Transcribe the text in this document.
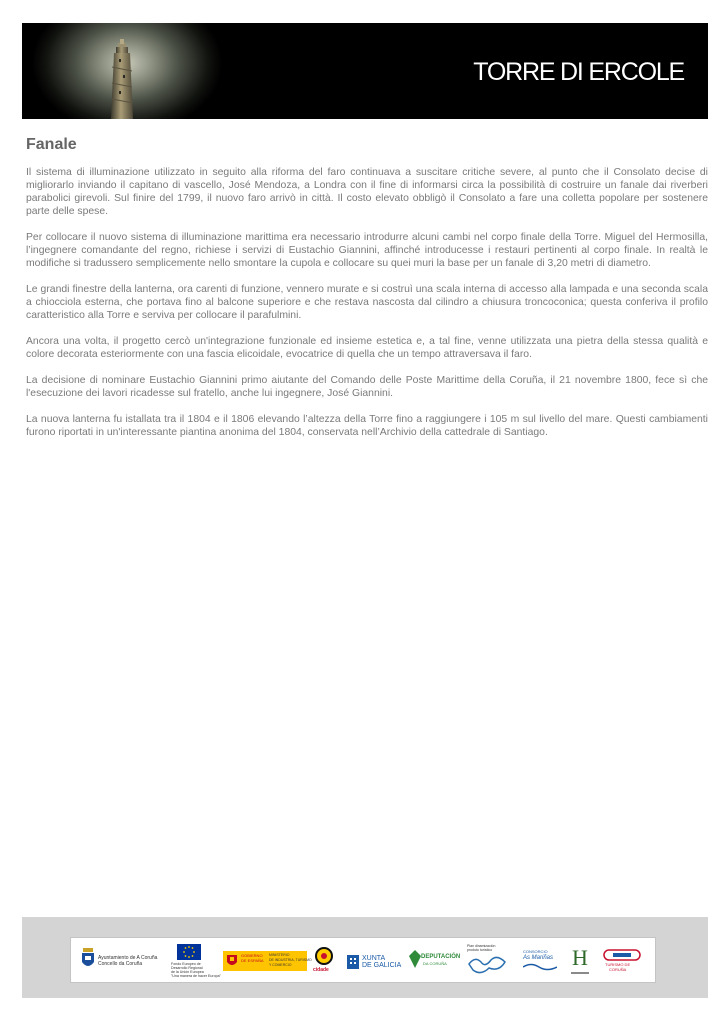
TORRE DI ERCOLE
Fanale

Il sistema di illuminazione utilizzato in seguito alla riforma del faro continuava a suscitare critiche severe, al punto che il Consolato decise di migliorarlo inviando il capitano di vascello, José Mendoza, a Londra con il fine di informarsi circa la possibilità di costruire un fanale dai riverberi parabolici girevoli. Sul finire del 1799, il nuovo faro arrivò in città. Il costo elevato obbligò il Consolato a fare una colletta popolare per sostenere parte delle spese.

Per collocare il nuovo sistema di illuminazione marittima era necessario introdurre alcuni cambi nel corpo finale della Torre. Miguel del Hermosilla, l’ingegnere comandante del regno, richiese i servizi di Eustachio Giannini, affinché introducesse i restauri pertinenti al corpo finale. In realtà le modifiche si tradussero semplicemente nello smontare la cupola e collocare su quei muri la base per un fanale di 3,20 metri di diametro.

Le grandi finestre della lanterna, ora carenti di funzione, vennero murate e si costruì una scala interna di accesso alla lampada e una seconda scala a chiocciola esterna, che portava fino al balcone superiore e che restava nascosta dal cilindro a chiusura troncoconica; questa conferiva il profilo caratteristico alla Torre e serviva per collocare il parafulmini.

Ancora una volta, il progetto cercò un'integrazione funzionale ed insieme estetica e, a tal fine, venne utilizzata una pietra della stessa qualità e colore decorata esteriormente con una fascia elicoidale, evocatrice di quella che un tempo attraversava il faro.

La decisione di nominare Eustachio Giannini primo aiutante del Comando delle Poste Marittime della Coruña, il 21 novembre 1800, fece sì che l'esecuzione dei lavori ricadesse sul fratello, anche lui ingegnere, José Giannini.

La nuova lanterna fu istallata tra il 1804 e il 1806 elevando l’altezza della Torre fino a raggiungere i 105 m sul livello del mare. Questi cambiamenti furono riportati in un'interessante piantina anonima del 1804, conservata nell’Archivio della cattedrale di Santiago.

Ayuntamiento de A Coruña
Concello da Coruña	Fondo Europeo de
Desarrollo Regional
de la Unión Europea
"Una manera de hacer Europa"
GOBIERNO
DE ESPAÑA
MINISTERIO
DE INDUSTRIA, TURISMO
Y COMERCIO
cidade
XUNTA
DE GALICIA
DEPUTACIÓN
DA CORUÑA
Plan dinamización
produto turístico	CONSORCIO
As Mariñas H	TURISMO DE
CORUÑA
